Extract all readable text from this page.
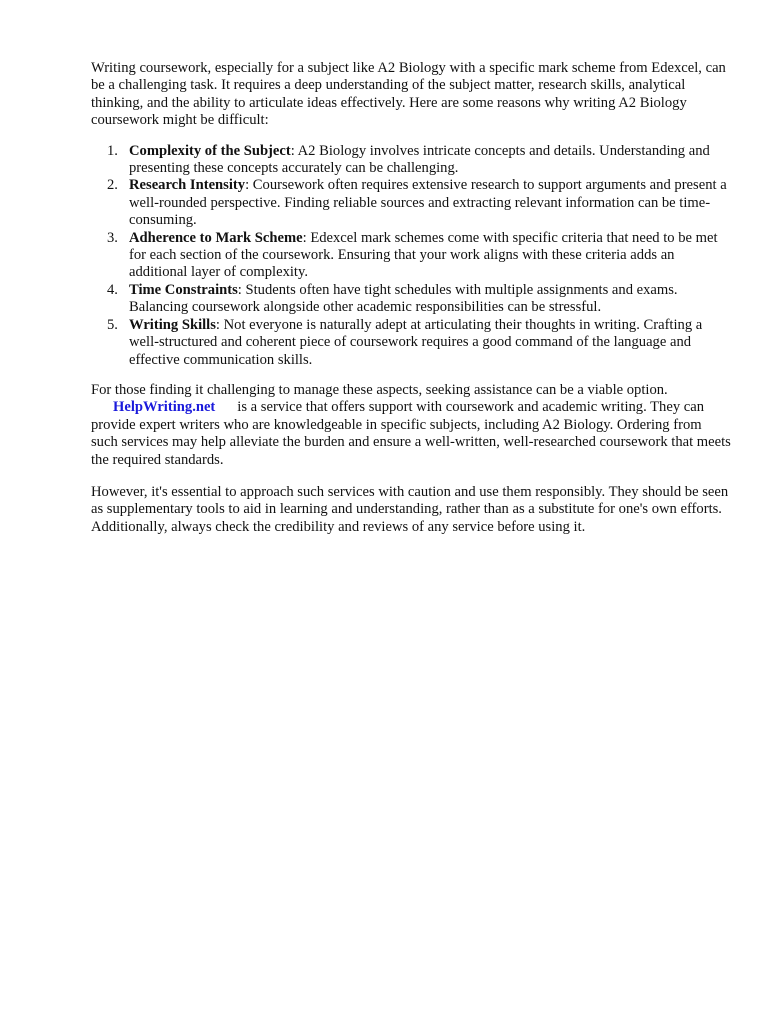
Writing coursework, especially for a subject like A2 Biology with a specific mark scheme from Edexcel, can be a challenging task. It requires a deep understanding of the subject matter, research skills, analytical thinking, and the ability to articulate ideas effectively. Here are some reasons why writing A2 Biology coursework might be difficult:

1. Complexity of the Subject: A2 Biology involves intricate concepts and details. Understanding and presenting these concepts accurately can be challenging.
2. Research Intensity: Coursework often requires extensive research to support arguments and present a well-rounded perspective. Finding reliable sources and extracting relevant information can be time-consuming.
3. Adherence to Mark Scheme: Edexcel mark schemes come with specific criteria that need to be met for each section of the coursework. Ensuring that your work aligns with these criteria adds an additional layer of complexity.
4. Time Constraints: Students often have tight schedules with multiple assignments and exams. Balancing coursework alongside other academic responsibilities can be stressful.
5. Writing Skills: Not everyone is naturally adept at articulating their thoughts in writing. Crafting a well-structured and coherent piece of coursework requires a good command of the language and effective communication skills.
For those finding it challenging to manage these aspects, seeking assistance can be a viable option.
HelpWriting.net is a service that offers support with coursework and academic writing. They can provide expert writers who are knowledgeable in specific subjects, including A2 Biology. Ordering from such services may help alleviate the burden and ensure a well-written, well-researched coursework that meets the required standards.

However, it's essential to approach such services with caution and use them responsibly. They should be seen as supplementary tools to aid in learning and understanding, rather than as a substitute for one's own efforts. Additionally, always check the credibility and reviews of any service before using it.
